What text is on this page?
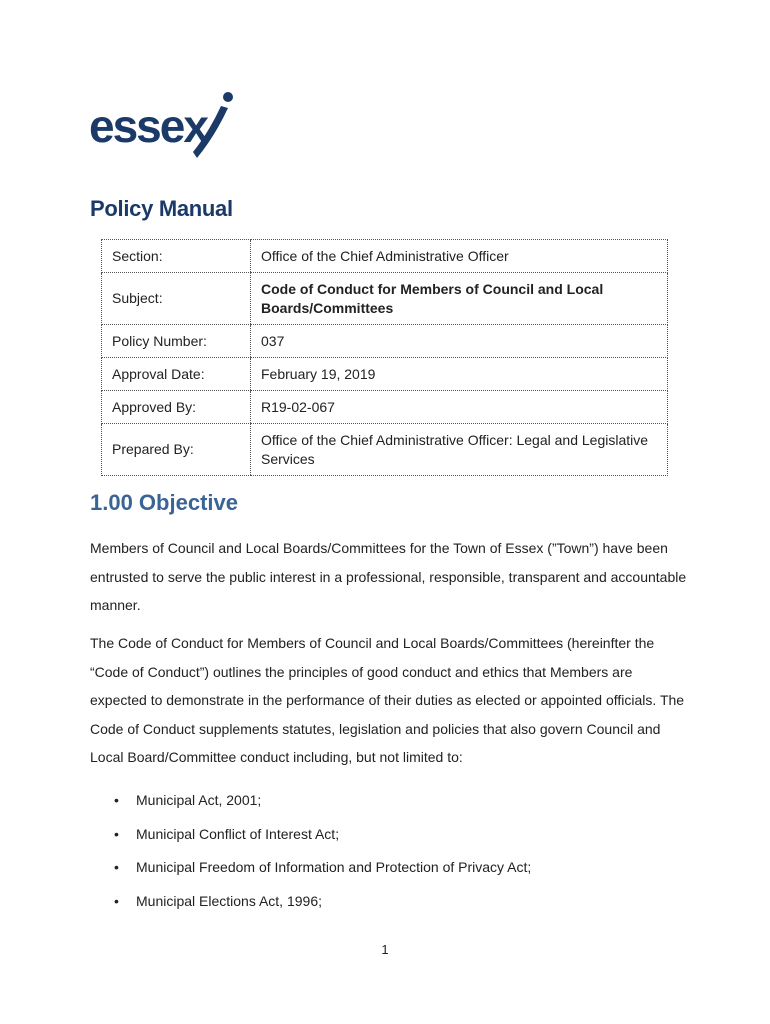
essex
Policy Manual
Section:	Office of the Chief Administrative Officer
Subject:	Code of Conduct for Members of Council and Local Boards/Committees
Policy Number:	037
Approval Date:	February 19, 2019
Approved By:	R19-02-067
Prepared By:	Office of the Chief Administrative Officer: Legal and Legislative Services
1.00 Objective
Members of Council and Local Boards/Committees for the Town of Essex (”Town”) have been entrusted to serve the public interest in a professional, responsible, transparent and accountable manner.
The Code of Conduct for Members of Council and Local Boards/Committees (hereinfter the “Code of Conduct”) outlines the principles of good conduct and ethics that Members are expected to demonstrate in the performance of their duties as elected or appointed officials. The Code of Conduct supplements statutes, legislation and policies that also govern Council and Local Board/Committee conduct including, but not limited to:
• Municipal Act, 2001;
• Municipal Conflict of Interest Act;
• Municipal Freedom of Information and Protection of Privacy Act;
• Municipal Elections Act, 1996;
1
